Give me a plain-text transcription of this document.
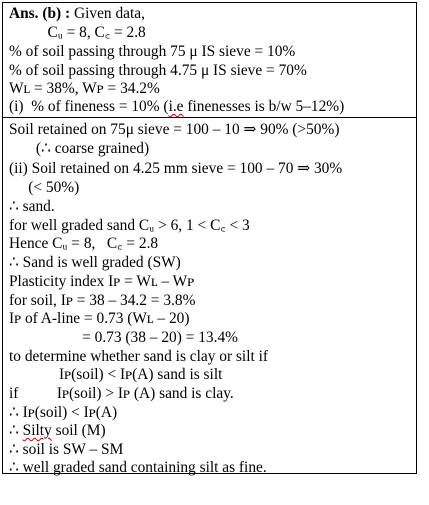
Ans. (b) : Given data,
Cᵤ = 8, C꜀ = 2.8
% of soil passing through 75 μ IS sieve = 10%
% of soil passing through 4.75 μ IS sieve = 70%
Wʟ = 38%, Wᴘ = 34.2%
(i)  % of fineness = 10% (i.e finenesses is b/w 5–12%)
Soil retained on 75μ sieve = 100 – 10 ⇒ 90% (>50%)
(∴ coarse grained)
(ii) Soil retained on 4.25 mm sieve = 100 – 70 ⇒ 30%
(< 50%)
∴ sand.
for well graded sand Cᵤ > 6, 1 < C꜀ < 3
Hence Cᵤ = 8,   C꜀ = 2.8
∴ Sand is well graded (SW)
Plasticity index Iᴘ = Wʟ – Wᴘ
for soil, Iᴘ = 38 – 34.2 = 3.8%
Iᴘ of A-line = 0.73 (Wʟ – 20)
= 0.73 (38 – 20) = 13.4%
to determine whether sand is clay or silt if
Iᴘ(soil) < Iᴘ(A) sand is silt
if          Iᴘ(soil) > Iᴘ (A) sand is clay.
∴ Iᴘ(soil) < Iᴘ(A)
∴ Silty soil (M)
∴ soil is SW – SM
∴ well graded sand containing silt as fine.
